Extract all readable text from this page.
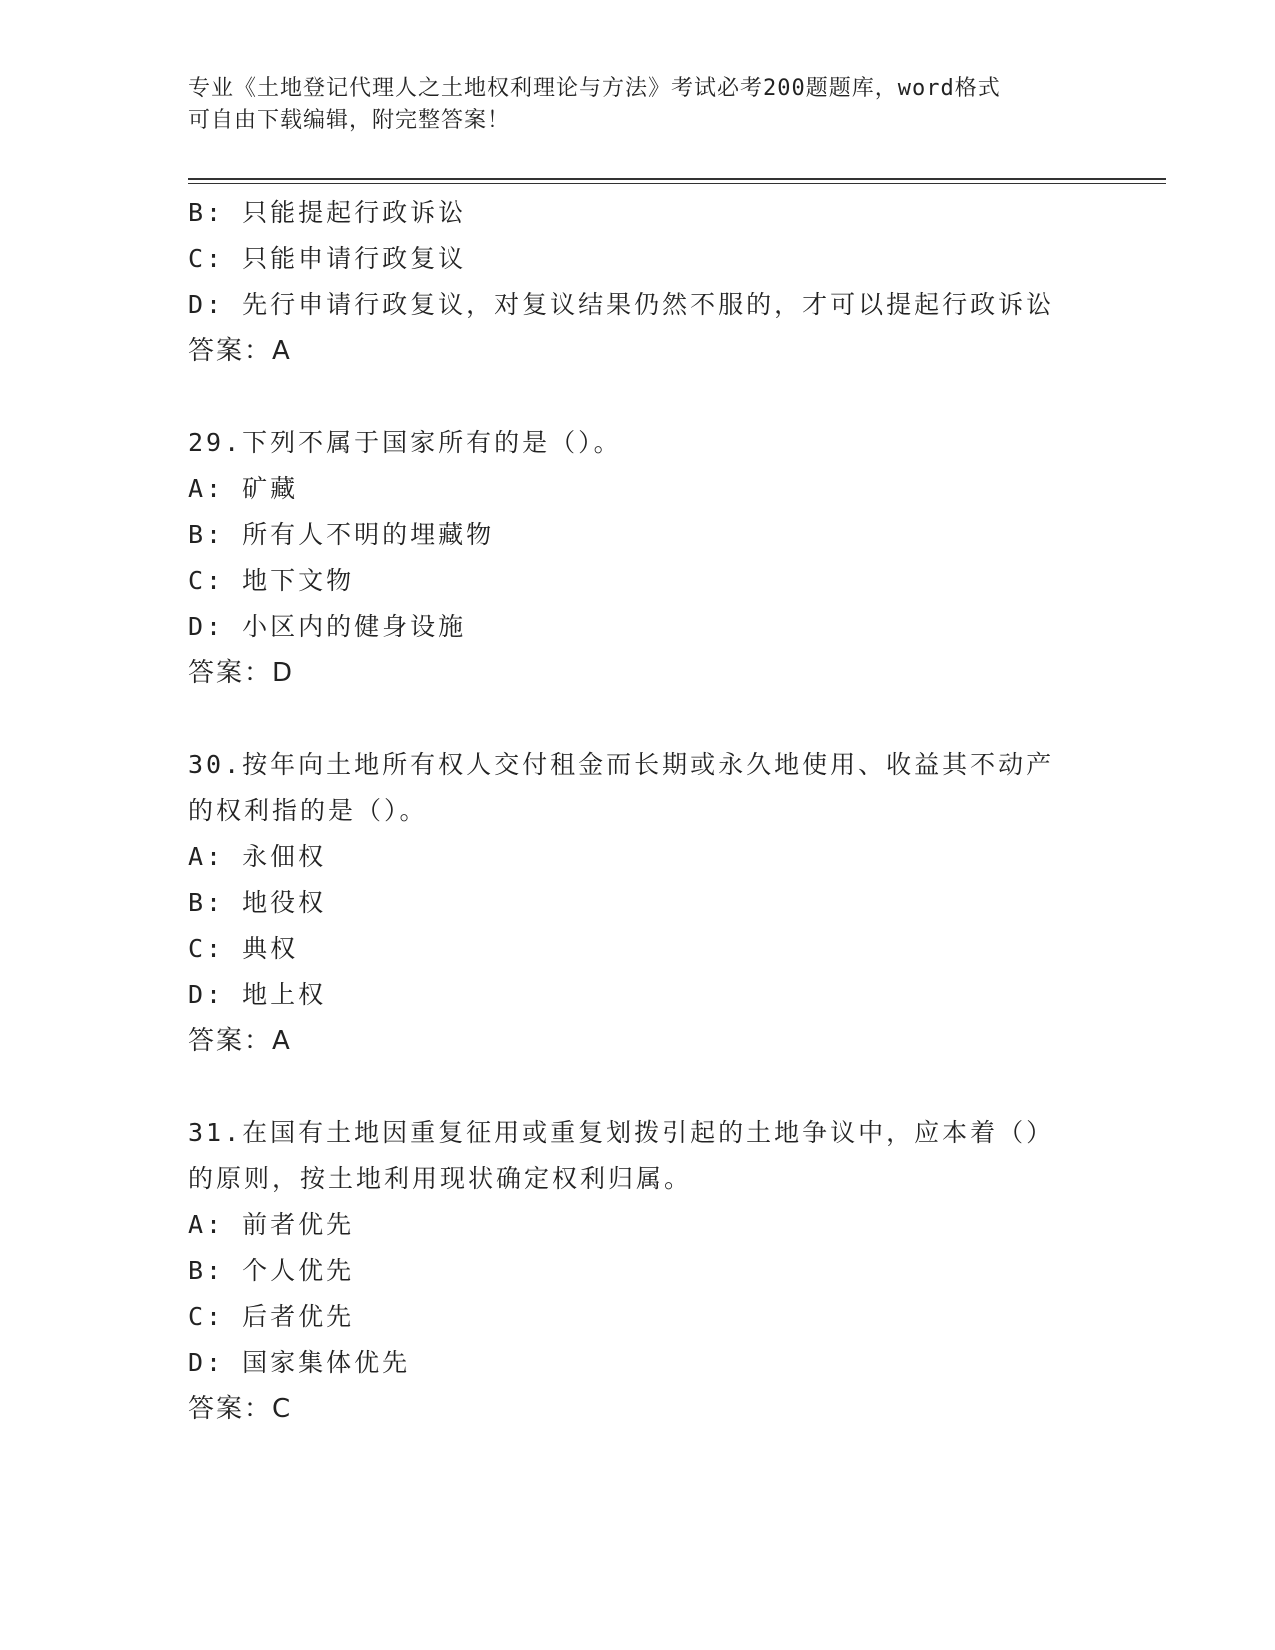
专业《土地登记代理人之土地权利理论与方法》考试必考200题题库，word格式
可自由下载编辑，附完整答案！
B: 只能提起行政诉讼
C: 只能申请行政复议
D: 先行申请行政复议，对复议结果仍然不服的，才可以提起行政诉讼
答案：A
29.下列不属于国家所有的是（）。
A: 矿藏
B: 所有人不明的埋藏物
C: 地下文物
D: 小区内的健身设施
答案：D
30.按年向土地所有权人交付租金而长期或永久地使用、收益其不动产
的权利指的是（）。
A: 永佃权
B: 地役权
C: 典权
D: 地上权
答案：A
31.在国有土地因重复征用或重复划拨引起的土地争议中，应本着（）
的原则，按土地利用现状确定权利归属。
A: 前者优先
B: 个人优先
C: 后者优先
D: 国家集体优先
答案：C
